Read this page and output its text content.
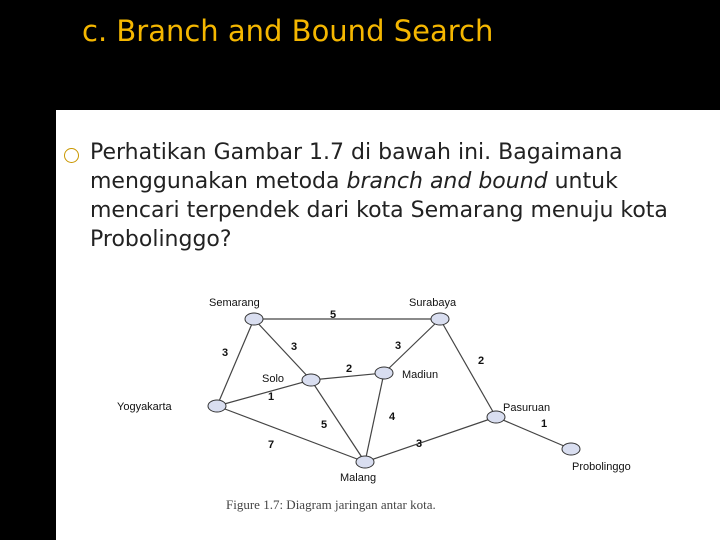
c. Branch and Bound Search
Perhatikan Gambar 1.7 di bawah ini. Bagaimana menggunakan metoda branch and bound untuk mencari terpendek dari kota Semarang menuju kota Probolinggo?
5
3	3
2
1
5
3
4
2
7	3
1
Semarang	Surabaya
Solo	Madiun
Yogyakarta	Pasuruan
Malang
Probolinggo
Figure 1.7: Diagram jaringan antar kota.
